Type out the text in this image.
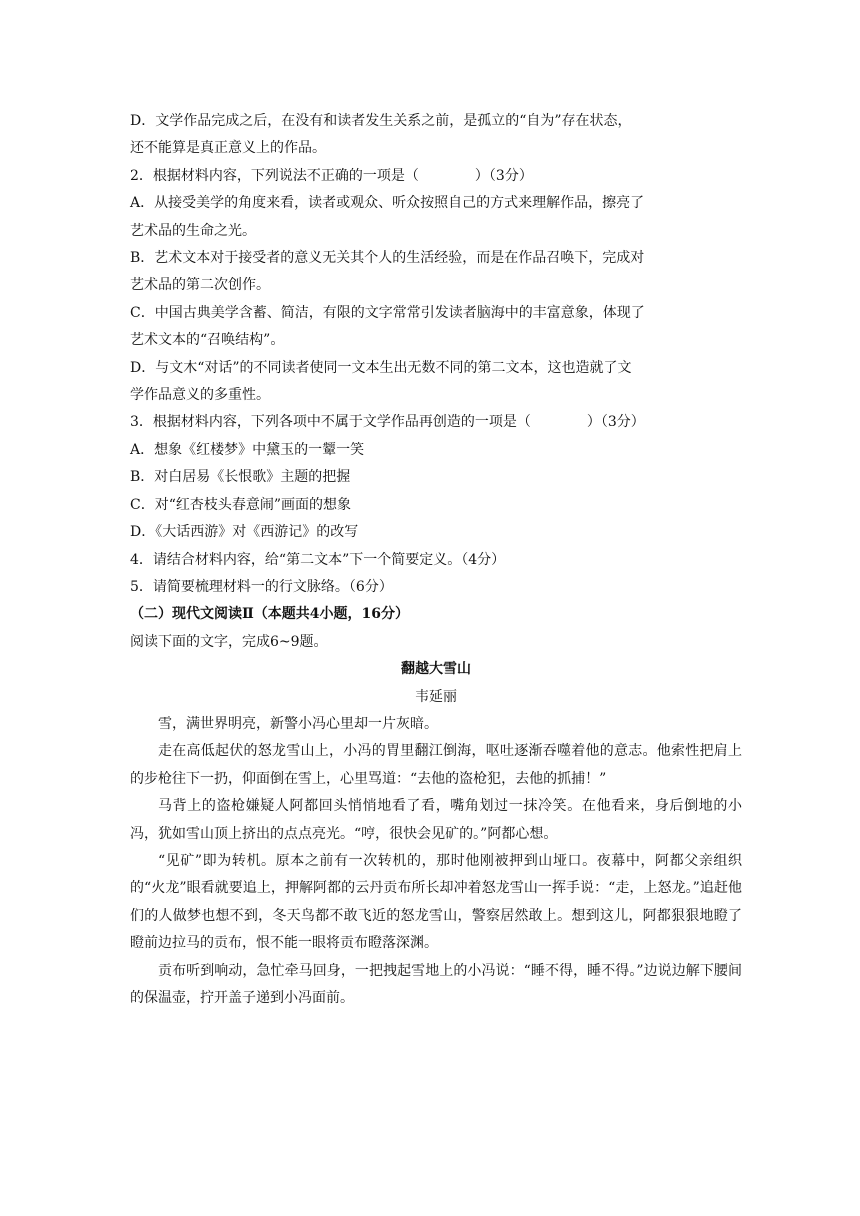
D．文学作品完成之后，在没有和读者发生关系之前，是孤立的“自为”存在状态，
还不能算是真正意义上的作品。
2．根据材料内容，下列说法不正确的一项是（　　　　）（3分）
A．从接受美学的角度来看，读者或观众、听众按照自己的方式来理解作品，擦亮了
艺术品的生命之光。
B．艺术文本对于接受者的意义无关其个人的生活经验，而是在作品召唤下，完成对
艺术品的第二次创作。
C．中国古典美学含蓄、简洁，有限的文字常常引发读者脑海中的丰富意象，体现了
艺术文本的“召唤结构”。
D．与文木“对话”的不同读者使同一文本生出无数不同的第二文本，这也造就了文
学作品意义的多重性。
3．根据材料内容，下列各项中不属于文学作品再创造的一项是（　　　　）（3分）
A．想象《红楼梦》中黛玉的一颦一笑
B．对白居易《长恨歌》主题的把握
C．对“红杏枝头春意闹”画面的想象
D．《大话西游》对《西游记》的改写
4．请结合材料内容，给“第二文本”下一个简要定义。（4分）
5．请简要梳理材料一的行文脉络。（6分）
（二）现代文阅读Ⅱ（本题共4小题，16分）
阅读下面的文字，完成6~9题。
翻越大雪山
韦延丽

雪，满世界明亮，新警小冯心里却一片灰暗。

走在高低起伏的怒龙雪山上，小冯的胃里翻江倒海，呕吐逐渐吞噬着他的意志。他索性把肩上的步枪往下一扔，仰面倒在雪上，心里骂道：“去他的盗枪犯，去他的抓捕！”

马背上的盗枪嫌疑人阿都回头悄悄地看了看，嘴角划过一抹冷笑。在他看来，身后倒地的小冯，犹如雪山顶上挤出的点点亮光。“哼，很快会见矿的。”阿都心想。

“见矿”即为转机。原本之前有一次转机的，那时他刚被押到山垭口。夜幕中，阿都父亲组织的“火龙”眼看就要追上，押解阿都的云丹贡布所长却冲着怒龙雪山一挥手说：“走，上怒龙。”追赶他们的人做梦也想不到，冬天鸟都不敢飞近的怒龙雪山，警察居然敢上。想到这儿，阿都狠狠地瞪了瞪前边拉马的贡布，恨不能一眼将贡布瞪落深渊。

贡布听到响动，急忙牵马回身，一把拽起雪地上的小冯说：“睡不得，睡不得。”边说边解下腰间的保温壶，拧开盖子递到小冯面前。
